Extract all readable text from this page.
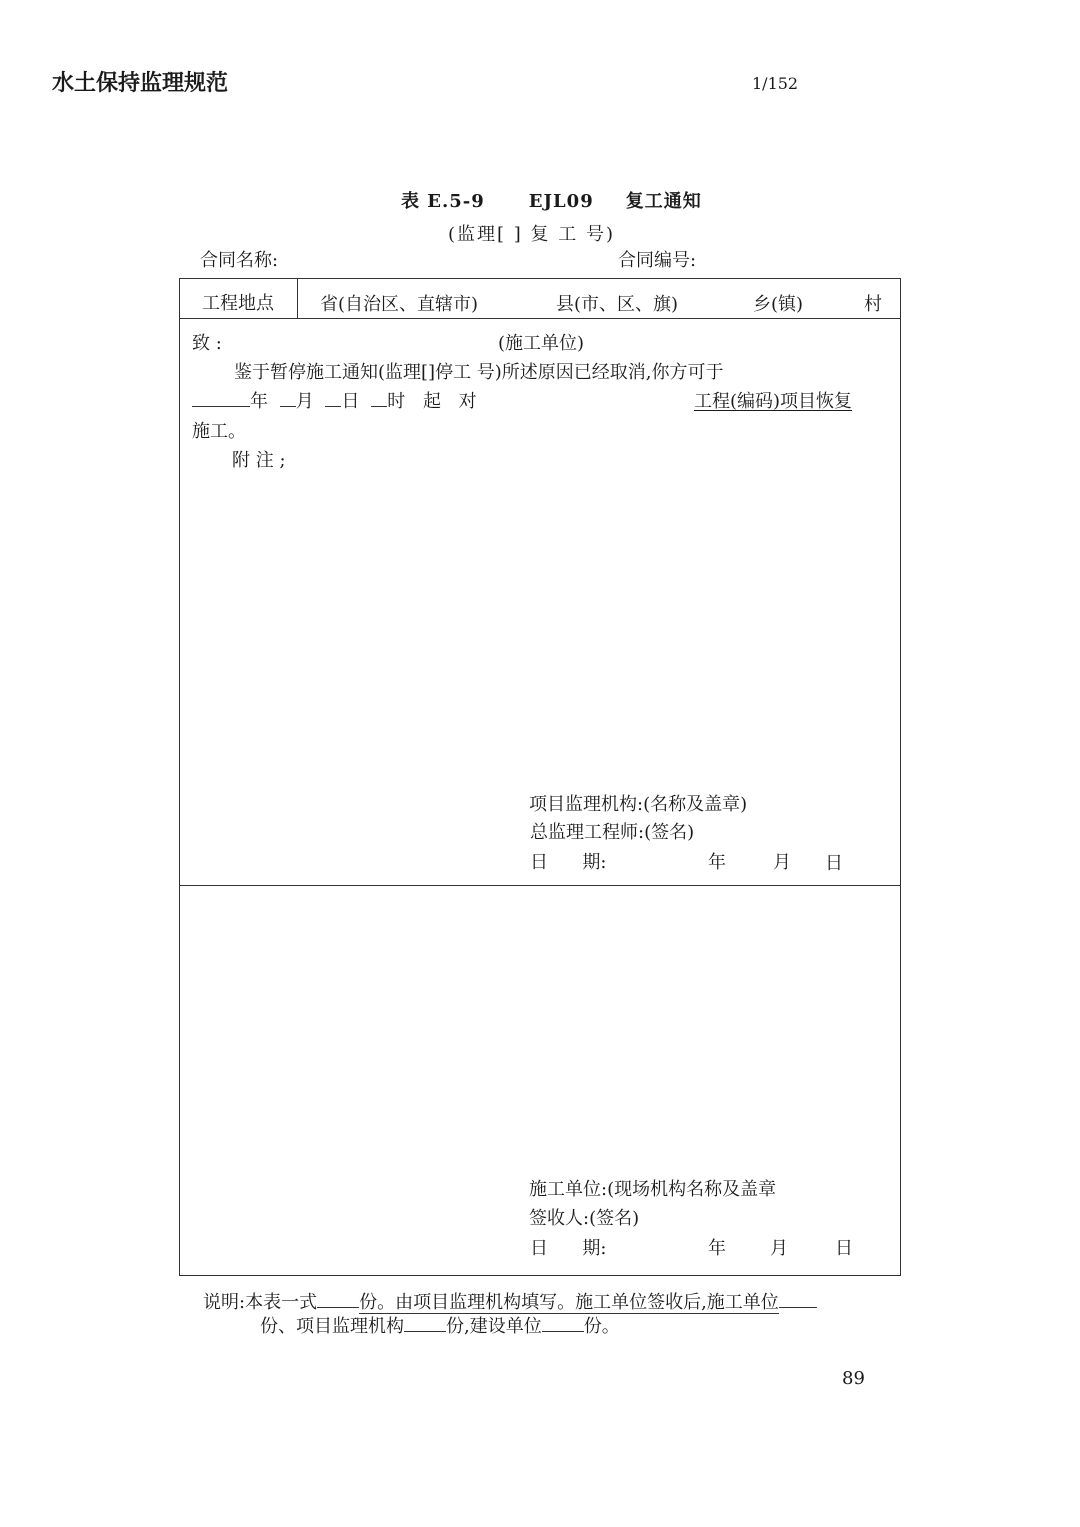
水土保持监理规范	1/152
表 E.5-9 EJL09 复工通知
(监理[ ] 复 工 号)
合同名称:	合同编号:
工程地点	省(自治区、直辖市)	县(市、区、旗)	乡(镇)	村
致 :	(施工单位)
鉴于暂停施工通知(监理[]停工 号)所述原因已经取消,你方可于
年 月 日 时 起 对	工程(编码)项目恢复
施工。
附 注 ;
项目监理机构:(名称及盖章)
总监理工程师:(签名)
日      期:	年	月 日
施工单位:(现场机构名称及盖章
签收人:(签名)
日      期:	年 月	日
说明:本表一式 份。由项目监理机构填写。施工单位签收后,施工单位
份、项目监理机构 份,建设单位 份。
89
